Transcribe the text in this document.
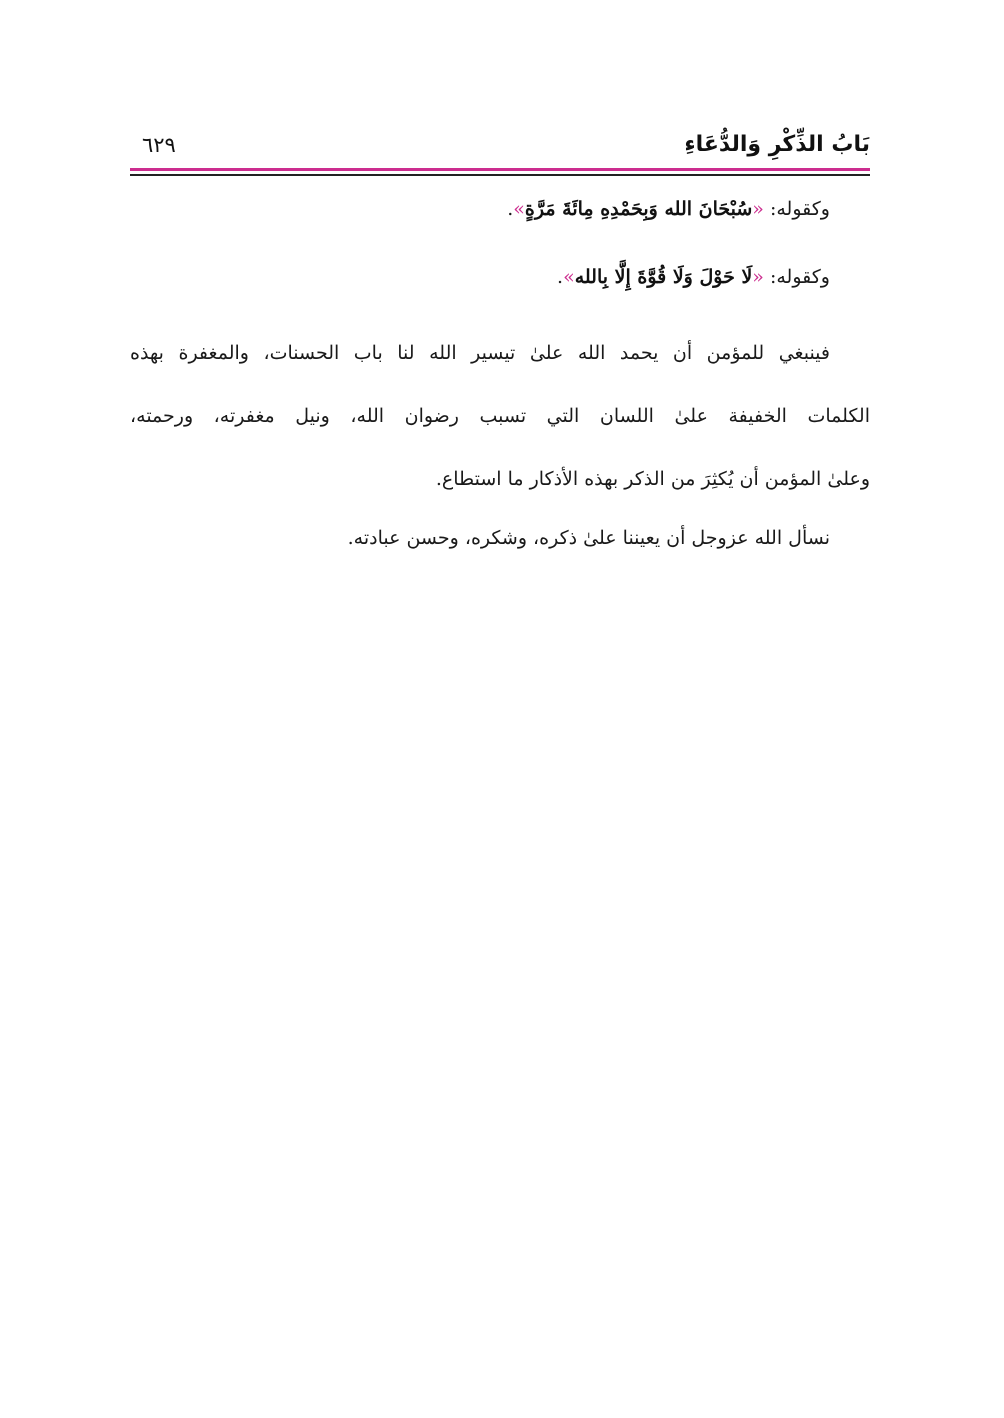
بَابُ الذِّكْرِ وَالدُّعَاءِ
٦٢٩

وكقوله: «سُبْحَانَ الله وَبِحَمْدِهِ مِائَةَ مَرَّةٍ».

وكقوله: «لَا حَوْلَ وَلَا قُوَّةَ إِلَّا بِالله».

فينبغي للمؤمن أن يحمد الله علىٰ تيسير الله لنا باب الحسنات، والمغفرة بهذه
الكلمات الخفيفة علىٰ اللسان التي تسبب رضوان الله، ونيل مغفرته، ورحمته،
وعلىٰ المؤمن أن يُكثِرَ من الذكر بهذه الأذكار ما استطاع.

نسأل الله عزوجل أن يعيننا علىٰ ذكره، وشكره، وحسن عبادته.
